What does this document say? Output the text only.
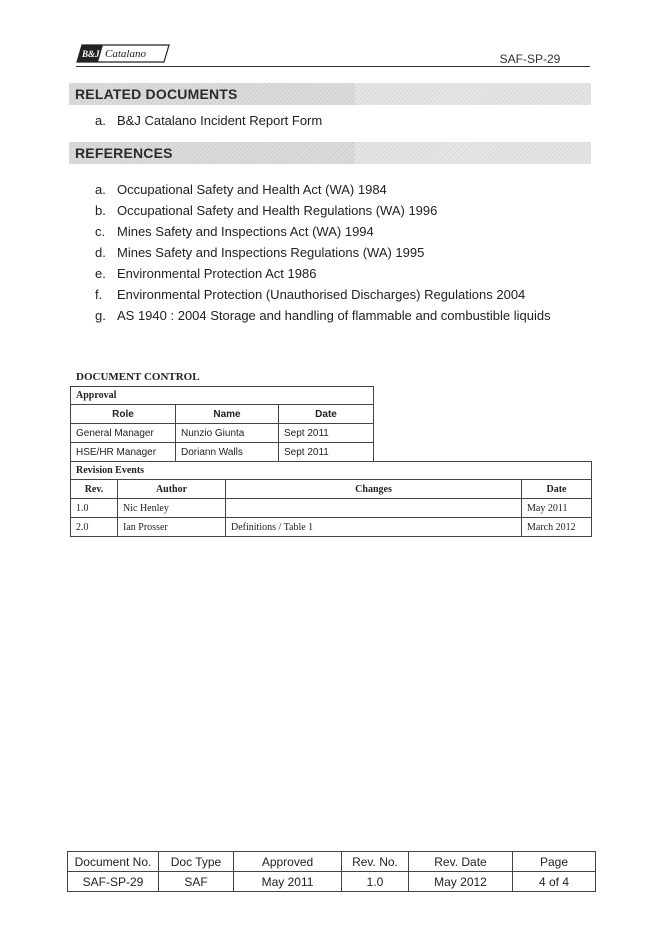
B&J Catalano	SAF-SP-29
RELATED DOCUMENTS
a. B&J Catalano Incident Report Form
REFERENCES
a. Occupational Safety and Health Act (WA) 1984
b. Occupational Safety and Health Regulations (WA) 1996
c. Mines Safety and Inspections Act (WA) 1994
d. Mines Safety and Inspections Regulations (WA) 1995
e. Environmental Protection Act 1986
f. Environmental Protection (Unauthorised Discharges) Regulations 2004
g. AS 1940 : 2004 Storage and handling of flammable and combustible liquids
DOCUMENT CONTROL
Approval		
Role	Name	Date
General Manager	Nunzio Giunta	Sept 2011
HSE/HR Manager	Doriann Walls	Sept 2011
Revision Events			
Rev.	Author	Changes	Date
1.0	Nic Henley		May 2011
2.0	Ian Prosser	Definitions / Table 1	March 2012
Document No.	Doc Type	Approved	Rev. No.	Rev. Date	Page
SAF-SP-29	SAF	May 2011	1.0	May 2012	4 of 4
